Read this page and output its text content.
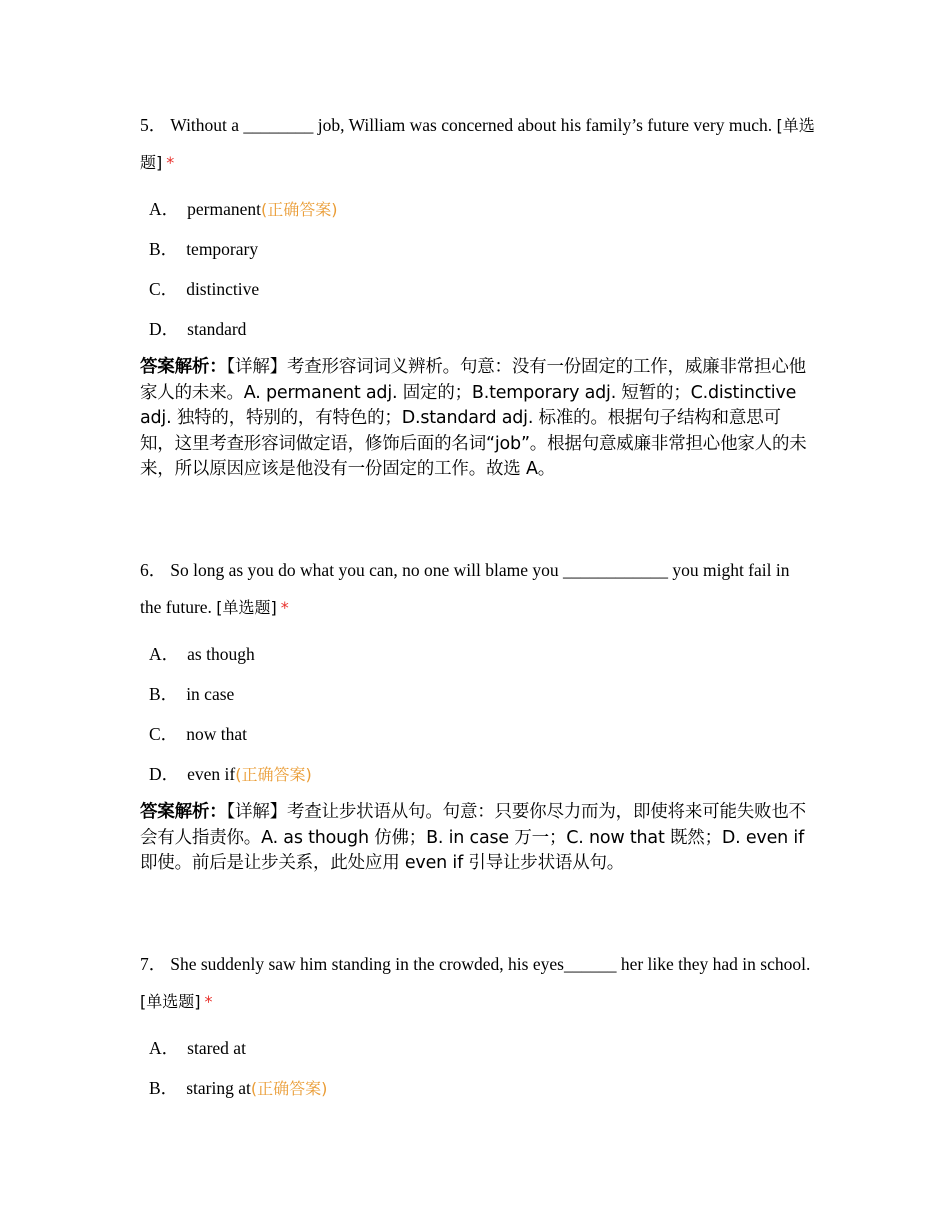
5． Without a ________ job, William was concerned about his family’s future very much. [单选题] *

A． permanent(正确答案)
B． temporary
C． distinctive
D． standard

答案解析：【详解】考查形容词词义辨析。句意：没有一份固定的工作，威廉非常担心他家人的未来。A. permanent adj. 固定的；B.temporary adj. 短暂的；C.distinctive adj. 独特的，特别的，有特色的；D.standard adj. 标准的。根据句子结构和意思可知，这里考查形容词做定语，修饰后面的名词“job”。根据句意威廉非常担心他家人的未来，所以原因应该是他没有一份固定的工作。故选 A。

6． So long as you do what you can, no one will blame you ____________ you might fail in the future. [单选题] *

A． as though
B． in case
C． now that
D． even if(正确答案)

答案解析：【详解】考查让步状语从句。句意：只要你尽力而为，即使将来可能失败也不会有人指责你。A. as though 仿佛；B. in case 万一；C. now that 既然；D. even if 即使。前后是让步关系，此处应用 even if 引导让步状语从句。

7． She suddenly saw him standing in the crowded, his eyes______ her like they had in school. [单选题] *

A． stared at
B． staring at(正确答案)
